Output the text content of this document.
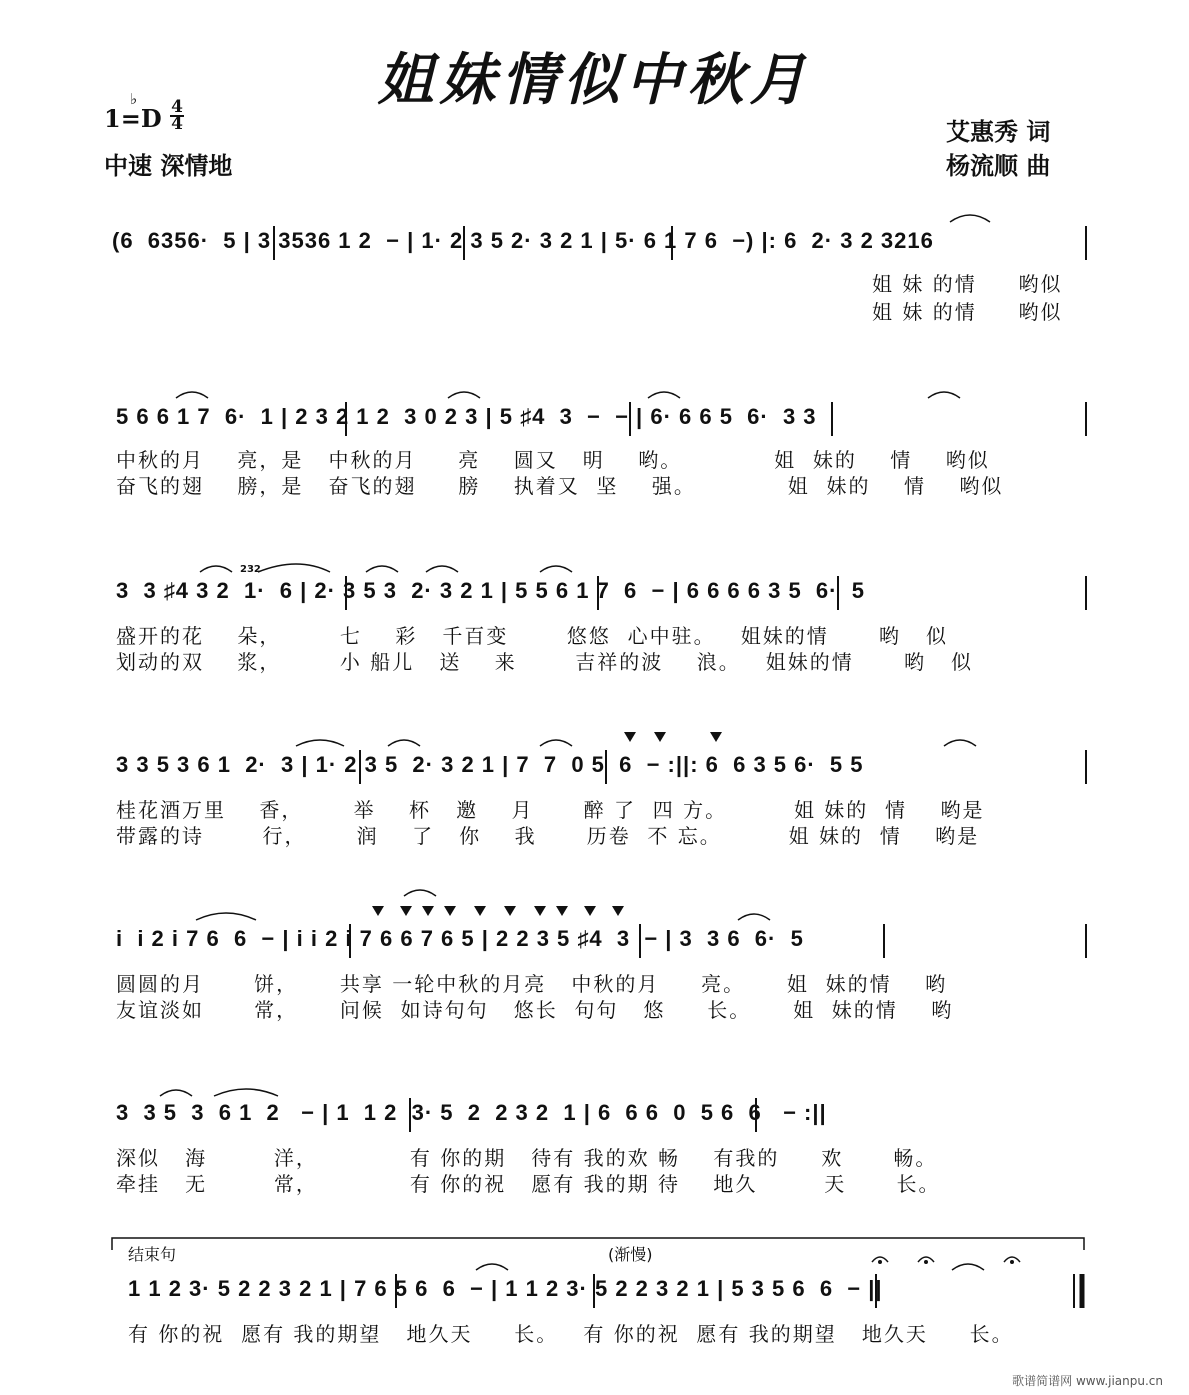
姐妹情似中秋月
1=D
♭ 4
4
中速 深情地
艾惠秀 词
杨流顺 曲
(6  6356·  5 | 3 3536 1 2  − | 1· 2 3 5 2· 3 2 1 | 5· 6 1 7 6  −) |: 6  2· 3 2 3216
姐 妹 的情     哟似
姐 妹 的情     哟似
5 6 6 1 7  6·  1 | 2 3 2 1 2  3 0 2 3 | 5 ♯4  3  −  − | 6· 6 6 5  6·  3 3
中秋的月    亮，是   中秋的月     亮    圆又   明    哟。           姐  妹的    情    哟似
奋飞的翅    膀，是   奋飞的翅     膀    执着又  坚    强。           姐  妹的    情    哟似
3  3 ♯4 3 2  1·  6 | 2· 3 5 3  2· 3 2 1 | 5 5 6 1 7  6  − | 6 6 6 6 3 5  6·  5
232
盛开的花    朵，       七    彩   千百变       悠悠  心中驻。   姐妹的情      哟   似
划动的双    浆，       小 船儿   送    来       吉祥的波    浪。   姐妹的情      哟   似
3 3 5 3 6 1  2·  3 | 1· 2 3 5  2· 3 2 1 | 7  7  0 5  6  − :||: 6  6 3 5 6·  5 5
桂花酒万里    香，      举    杯   邀    月      醉 了  四 方。        姐 妹的  情    哟是
带露的诗       行，      润    了   你    我      历卷  不 忘。        姐 妹的  情    哟是
i  i 2 i 7 6  6  − | i i 2 i 7 6 6 7 6 5 | 2 2 3 5 ♯4  3  − | 3  3 6  6·  5
圆圆的月      饼，     共享 一轮中秋的月亮   中秋的月     亮。     姐  妹的情    哟
友谊淡如      常，     问候  如诗句句   悠长  句句   悠     长。     姐  妹的情    哟
3  3 5  3  6 1  2   − | 1  1 2  3· 5  2  2 3 2  1 | 6  6 6  0  5 6  6   − :||
深似   海        洋，           有 你的期   待有 我的欢 畅    有我的     欢      畅。
牵挂   无        常，           有 你的祝   愿有 我的期 待    地久        天      长。
结束句	(渐慢)
1 1 2 3· 5 2 2 3 2 1 | 7 6 5 6  6  − | 1 1 2 3· 5 2 2 3 2 1 | 5 3 5 6  6  − ||
有 你的祝  愿有 我的期望   地久天     长。   有 你的祝  愿有 我的期望   地久天     长。
歌谱简谱网 www.jianpu.cn
